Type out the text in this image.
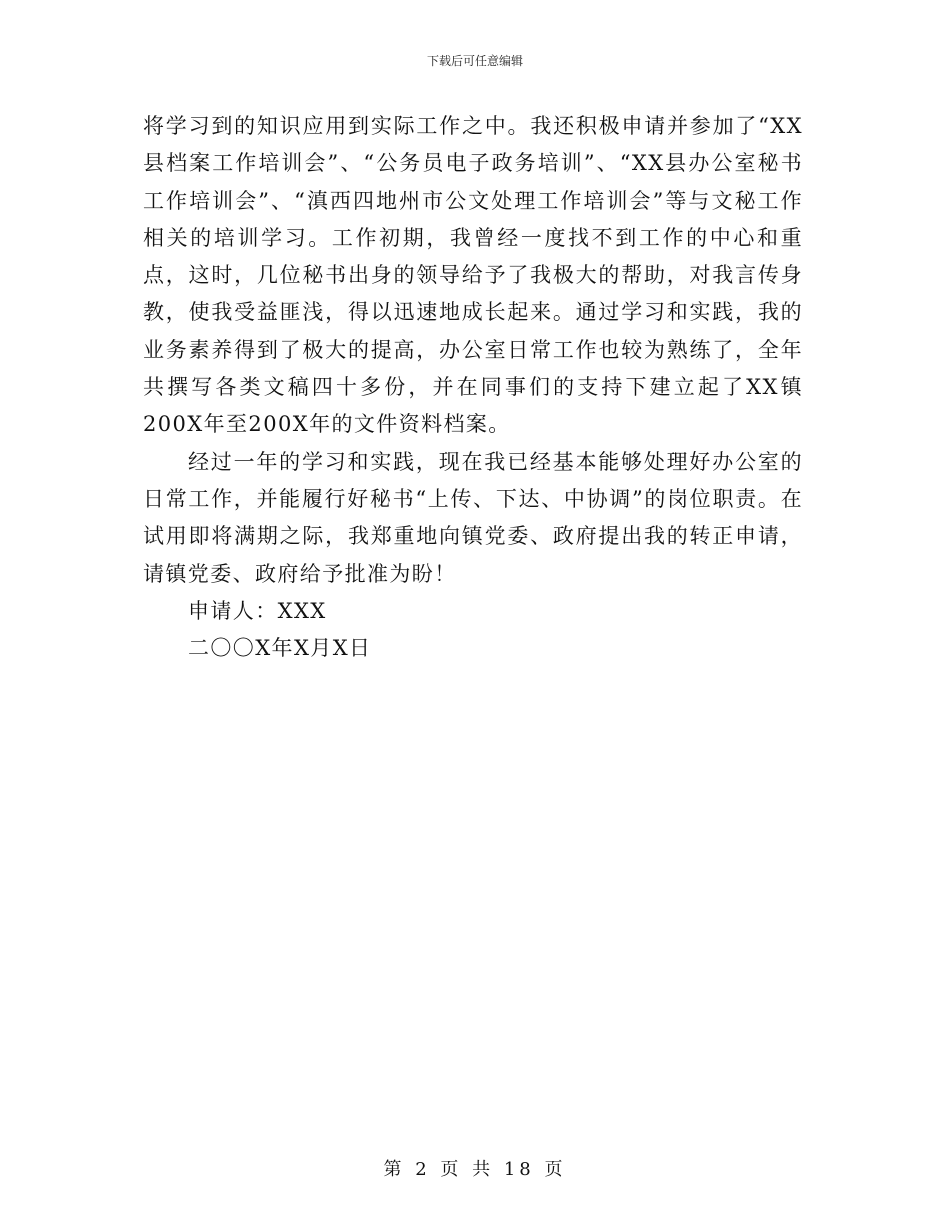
下载后可任意编辑

将学习到的知识应用到实际工作之中。我还积极申请并参加了“XX县档案工作培训会”、“公务员电子政务培训”、“XX县办公室秘书工作培训会”、“滇西四地州市公文处理工作培训会”等与文秘工作相关的培训学习。工作初期，我曾经一度找不到工作的中心和重点，这时，几位秘书出身的领导给予了我极大的帮助，对我言传身教，使我受益匪浅，得以迅速地成长起来。通过学习和实践，我的业务素养得到了极大的提高，办公室日常工作也较为熟练了，全年共撰写各类文稿四十多份，并在同事们的支持下建立起了XX镇200X年至200X年的文件资料档案。

经过一年的学习和实践，现在我已经基本能够处理好办公室的日常工作，并能履行好秘书“上传、下达、中协调”的岗位职责。在试用即将满期之际，我郑重地向镇党委、政府提出我的转正申请，请镇党委、政府给予批准为盼！

申请人：XXX

二〇〇X年X月X日

第 2 页 共 18 页
